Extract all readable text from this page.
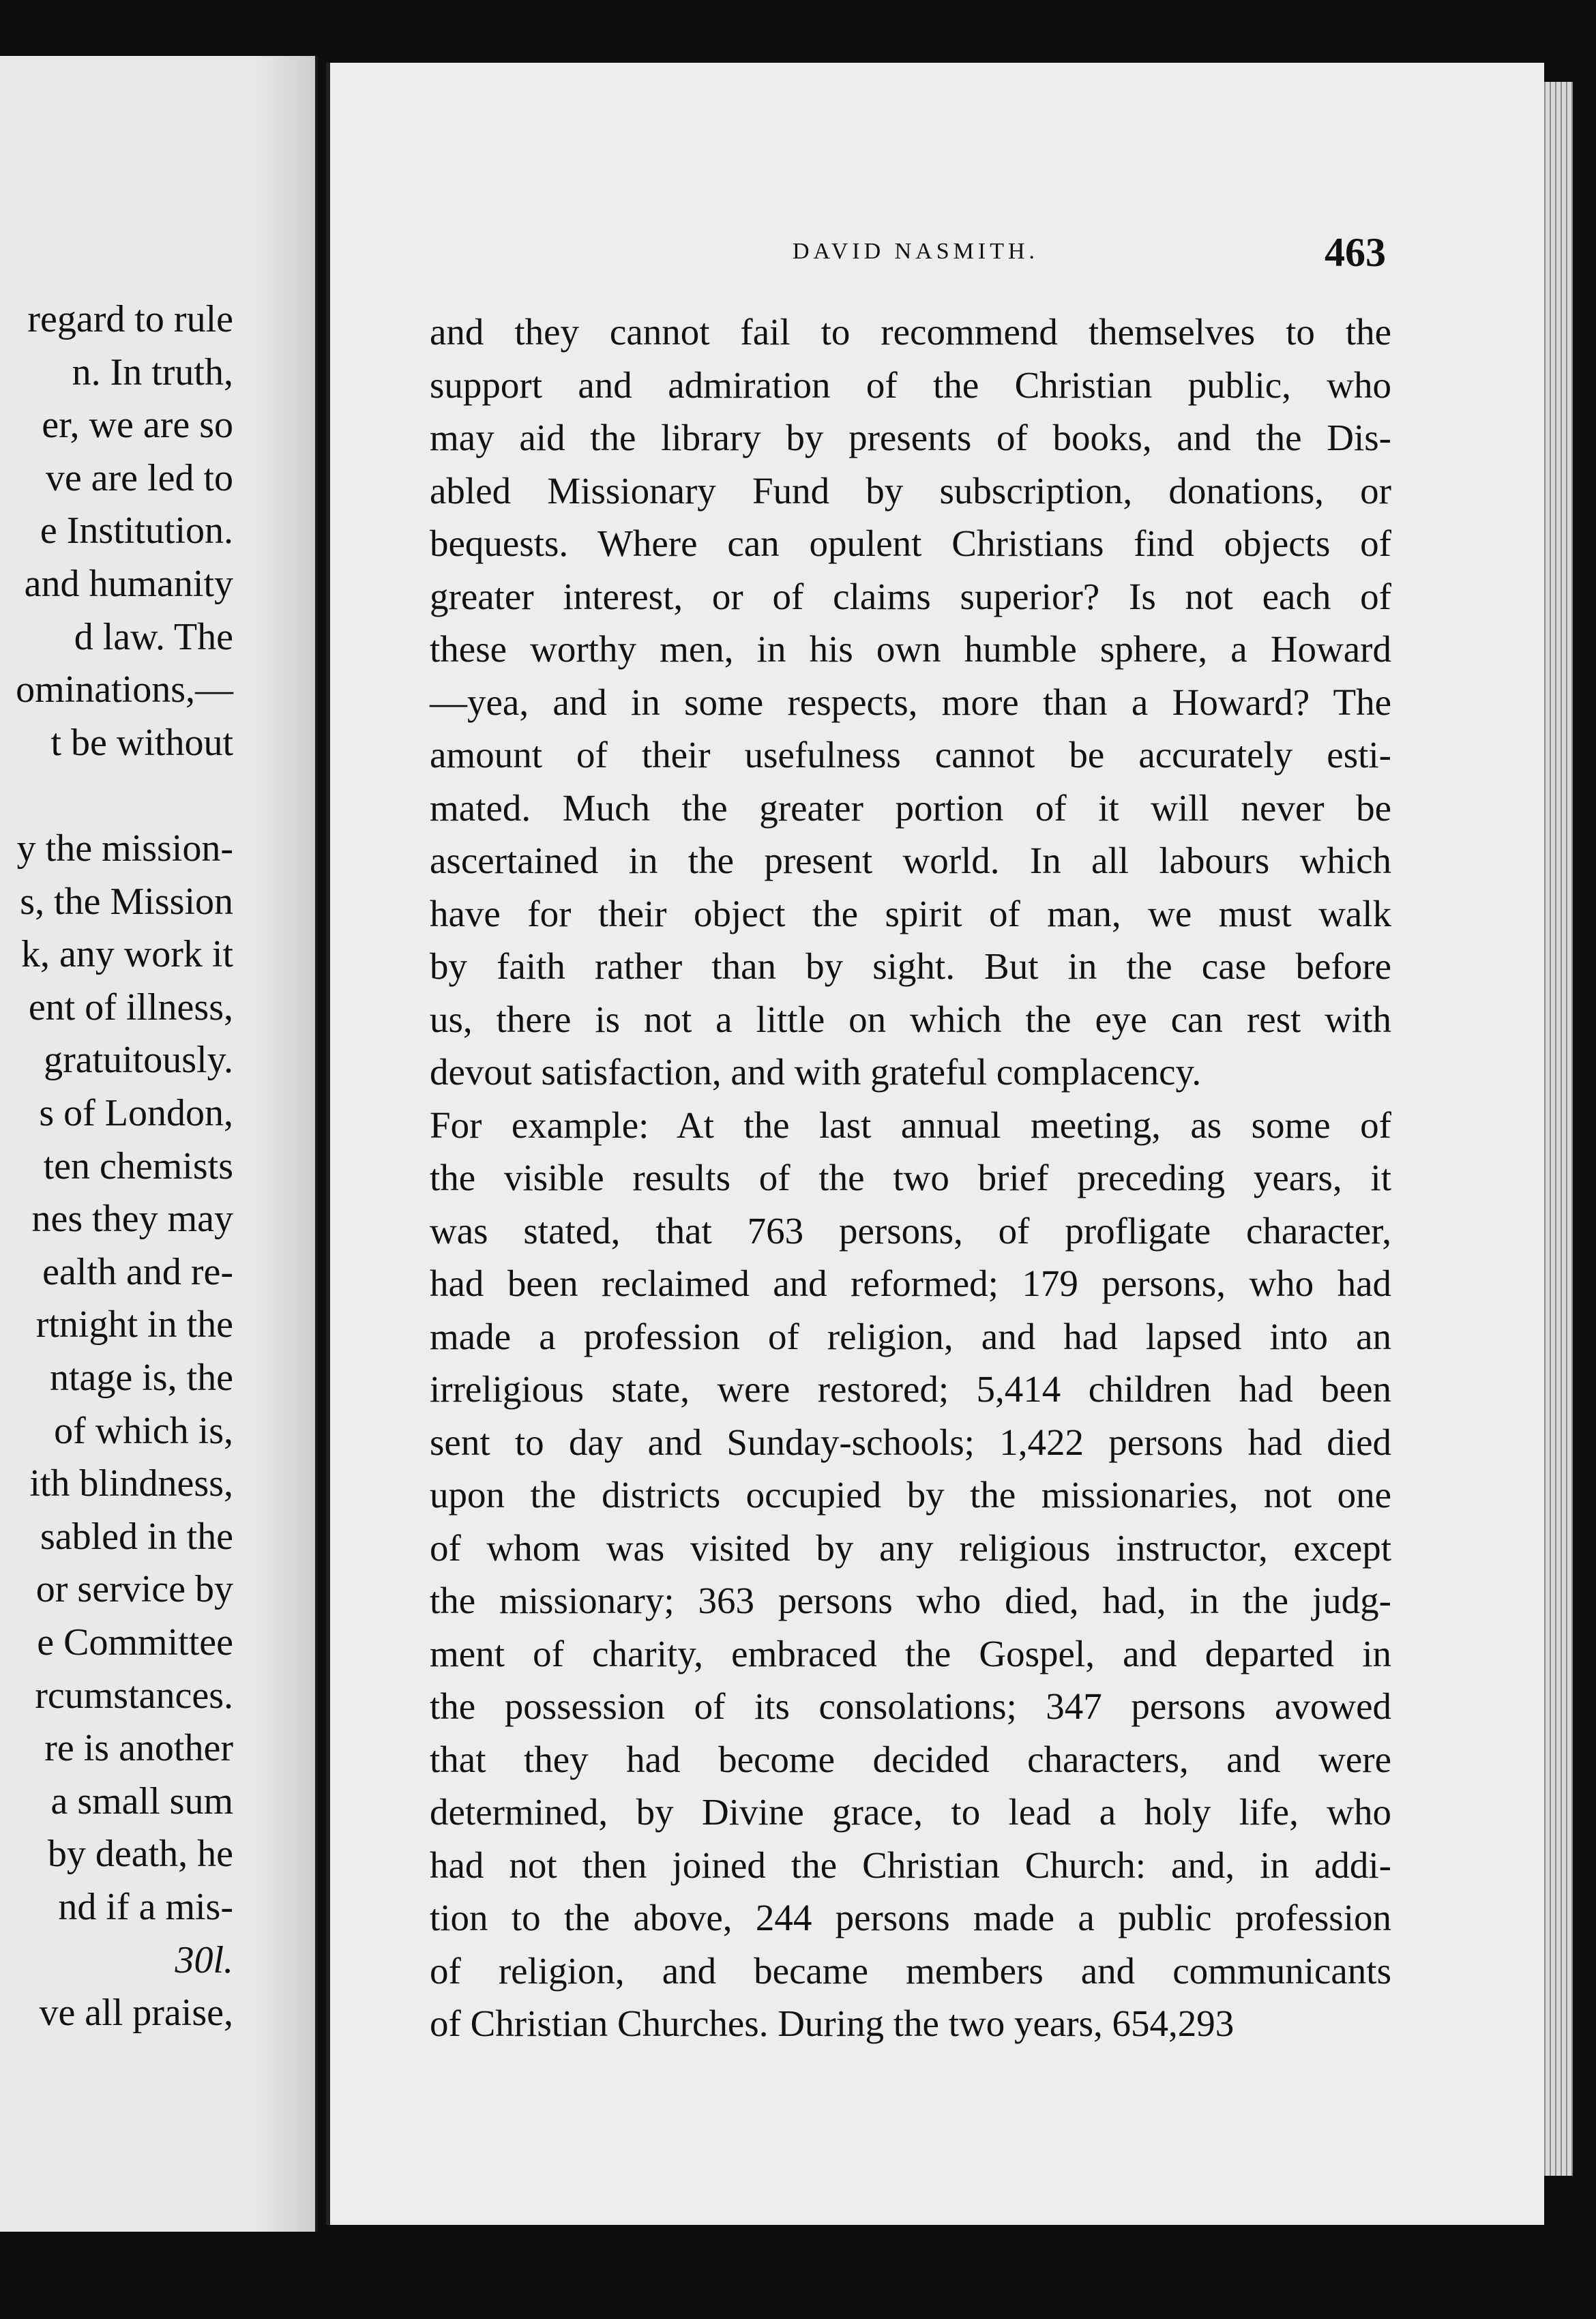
regard to rule
n. In truth,
er, we are so
ve are led to
e Institution.
and humanity
d law. The
ominations,—
t be without
y the mission-
s, the Mission
k, any work it
ent of illness,
gratuitously.
s of London,
ten chemists
nes they may
ealth and re-
rtnight in the
ntage is, the
of which is,
ith blindness,
sabled in the
or service by
e Committee
rcumstances.
re is another
a small sum
by death, he
nd if a mis-
30l.
ve all praise,
DAVID NASMITH.	463
and they cannot fail to recommend themselves to the
support and admiration of the Christian public, who
may aid the library by presents of books, and the Dis-
abled Missionary Fund by subscription, donations, or
bequests. Where can opulent Christians find objects of
greater interest, or of claims superior? Is not each of
these worthy men, in his own humble sphere, a Howard
—yea, and in some respects, more than a Howard? The
amount of their usefulness cannot be accurately esti-
mated. Much the greater portion of it will never be
ascertained in the present world. In all labours which
have for their object the spirit of man, we must walk
by faith rather than by sight. But in the case before
us, there is not a little on which the eye can rest with
devout satisfaction, and with grateful complacency.
For example: At the last annual meeting, as some of
the visible results of the two brief preceding years, it
was stated, that 763 persons, of profligate character,
had been reclaimed and reformed; 179 persons, who had
made a profession of religion, and had lapsed into an
irreligious state, were restored; 5,414 children had been
sent to day and Sunday-schools; 1,422 persons had died
upon the districts occupied by the missionaries, not one
of whom was visited by any religious instructor, except
the missionary; 363 persons who died, had, in the judg-
ment of charity, embraced the Gospel, and departed in
the possession of its consolations; 347 persons avowed
that they had become decided characters, and were
determined, by Divine grace, to lead a holy life, who
had not then joined the Christian Church: and, in addi-
tion to the above, 244 persons made a public profession
of religion, and became members and communicants
of Christian Churches. During the two years, 654,293
